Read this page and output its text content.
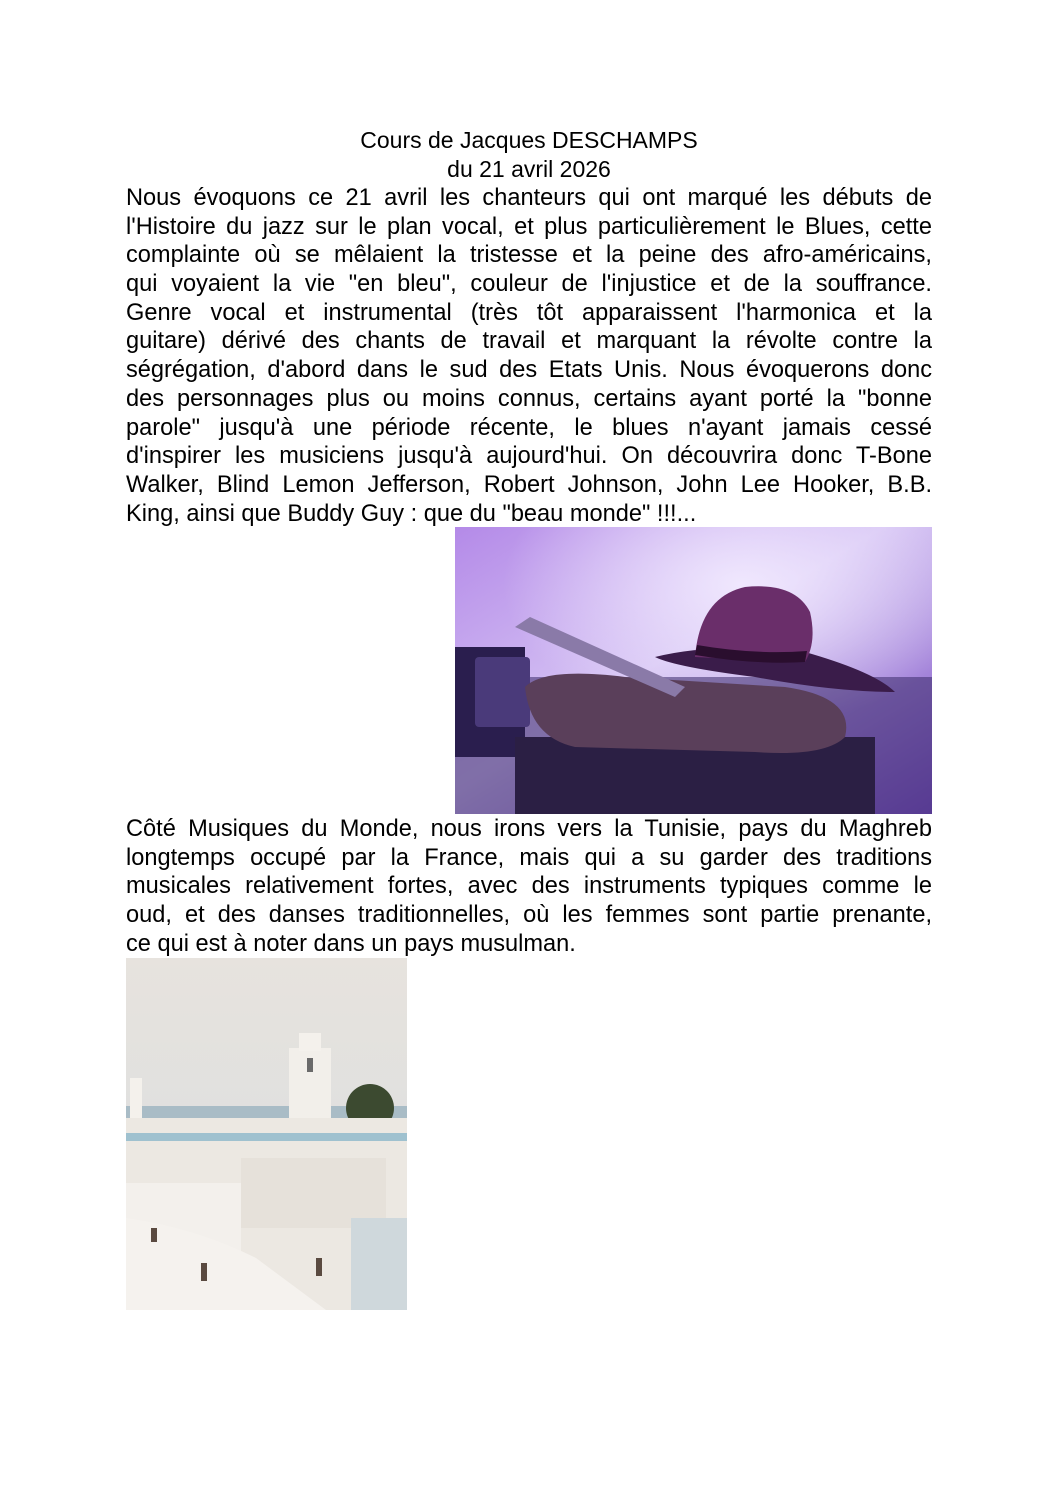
Cours de Jacques DESCHAMPS
du 21 avril 2026
Nous évoquons ce 21 avril les chanteurs qui ont marqué les débuts de
l'Histoire du jazz sur le plan vocal, et plus particulièrement le Blues, cette
complainte où se mêlaient la tristesse et la peine des afro-américains,
qui voyaient la vie "en bleu", couleur de l'injustice et de la souffrance.
Genre vocal et instrumental (très tôt apparaissent l'harmonica et la
guitare) dérivé des chants de travail et marquant la révolte contre la
ségrégation, d'abord dans le sud des Etats Unis. Nous évoquerons donc
des personnages plus ou moins connus, certains ayant porté la "bonne
parole" jusqu'à une période récente, le blues n'ayant jamais cessé
d'inspirer les musiciens jusqu'à aujourd'hui. On découvrira donc T-Bone
Walker, Blind Lemon Jefferson, Robert Johnson, John Lee Hooker, B.B.
King, ainsi que Buddy Guy : que du "beau monde" !!!...
Côté Musiques du Monde, nous irons vers la Tunisie, pays du Maghreb
longtemps occupé par la France, mais qui a su garder des traditions
musicales relativement fortes, avec des instruments typiques comme le
oud, et des danses traditionnelles, où les femmes sont partie prenante,
ce qui est à noter dans un pays musulman.
